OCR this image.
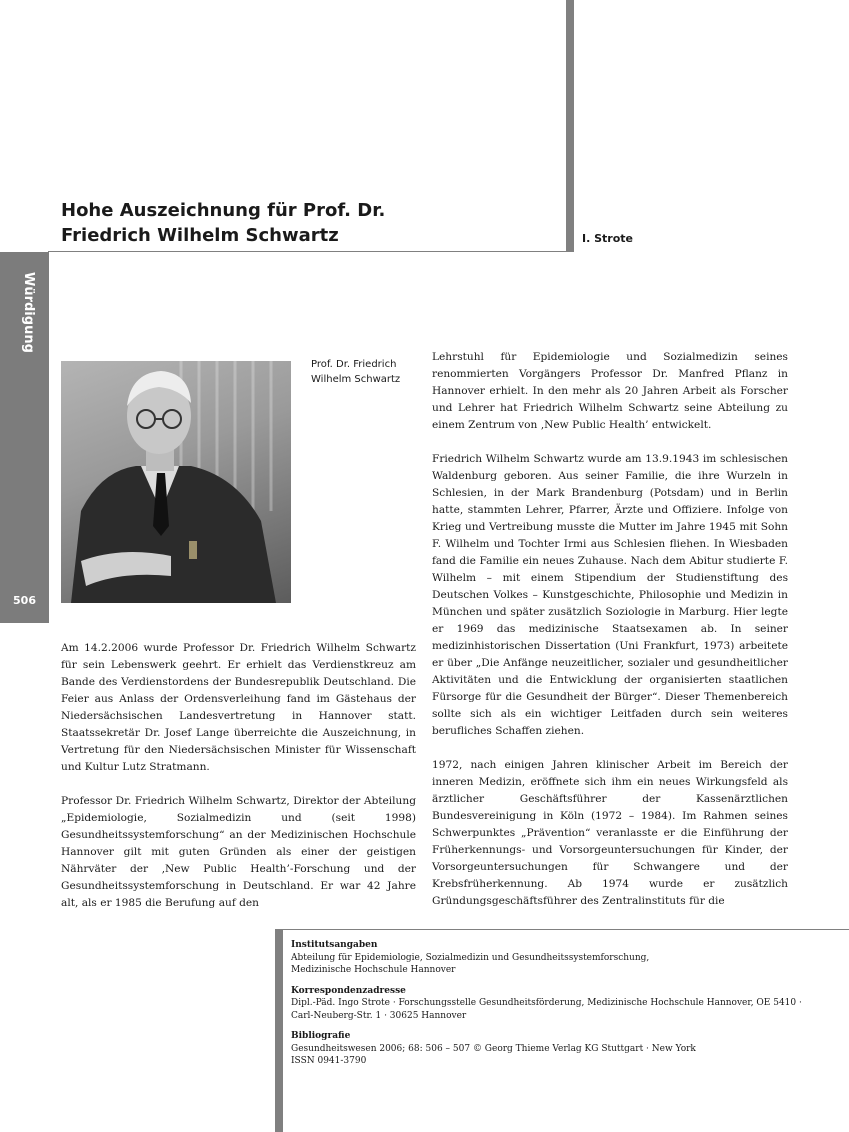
Hohe Auszeichnung für Prof. Dr.
Friedrich Wilhelm Schwartz	I. Strote
Würdigung
506
Prof. Dr. Friedrich
Wilhelm Schwartz

Am 14.2.2006 wurde Professor Dr. Friedrich Wilhelm Schwartz für sein Lebenswerk geehrt. Er erhielt das Verdienstkreuz am Bande des Verdienstordens der Bundesrepublik Deutschland. Die Feier aus Anlass der Ordensverleihung fand im Gästehaus der Niedersächsischen Landesvertretung in Hannover statt. Staatssekretär Dr. Josef Lange überreichte die Auszeichnung, in Vertretung für den Niedersächsischen Minister für Wissenschaft und Kultur Lutz Stratmann.

Professor Dr. Friedrich Wilhelm Schwartz, Direktor der Abteilung „Epidemiologie, Sozialmedizin und (seit 1998) Gesundheitssystemforschung“ an der Medizinischen Hochschule Hannover gilt mit guten Gründen als einer der geistigen Nährväter der ‚New Public Health’-Forschung und der Gesundheitssystemforschung in Deutschland. Er war 42 Jahre alt, als er 1985 die Berufung auf den

Lehrstuhl für Epidemiologie und Sozialmedizin seines renommierten Vorgängers Professor Dr. Manfred Pflanz in Hannover erhielt. In den mehr als 20 Jahren Arbeit als Forscher und Lehrer hat Friedrich Wilhelm Schwartz seine Abteilung zu einem Zentrum von ‚New Public Health’ entwickelt.

Friedrich Wilhelm Schwartz wurde am 13.9.1943 im schlesischen Waldenburg geboren. Aus seiner Familie, die ihre Wurzeln in Schlesien, in der Mark Brandenburg (Potsdam) und in Berlin hatte, stammten Lehrer, Pfarrer, Ärzte und Offiziere. Infolge von Krieg und Vertreibung musste die Mutter im Jahre 1945 mit Sohn F. Wilhelm und Tochter Irmi aus Schlesien fliehen. In Wiesbaden fand die Familie ein neues Zuhause. Nach dem Abitur studierte F. Wilhelm – mit einem Stipendium der Studienstiftung des Deutschen Volkes – Kunstgeschichte, Philosophie und Medizin in München und später zusätzlich Soziologie in Marburg. Hier legte er 1969 das medizinische Staatsexamen ab. In seiner medizinhistorischen Dissertation (Uni Frankfurt, 1973) arbeitete er über „Die Anfänge neuzeitlicher, sozialer und gesundheitlicher Aktivitäten und die Entwicklung der organisierten staatlichen Fürsorge für die Gesundheit der Bürger“. Dieser Themenbereich sollte sich als ein wichtiger Leitfaden durch sein weiteres berufliches Schaffen ziehen.

1972, nach einigen Jahren klinischer Arbeit im Bereich der inneren Medizin, eröffnete sich ihm ein neues Wirkungsfeld als ärztlicher Geschäftsführer der Kassenärztlichen Bundesvereinigung in Köln (1972 – 1984). Im Rahmen seines Schwerpunktes „Prävention“ veranlasste er die Einführung der Früherkennungs- und Vorsorgeuntersuchungen für Kinder, der Vorsorgeuntersuchungen für Schwangere und der Krebsfrüherkennung. Ab 1974 wurde er zusätzlich Gründungsgeschäftsführer des Zentralinstituts für die

Institutsangaben
Abteilung für Epidemiologie, Sozialmedizin und Gesundheitssystemforschung,
Medizinische Hochschule Hannover
Korrespondenzadresse
Dipl.-Päd. Ingo Strote · Forschungsstelle Gesundheitsförderung, Medizinische Hochschule Hannover, OE 5410 ·
Carl-Neuberg-Str. 1 · 30625 Hannover
Bibliografie
Gesundheitswesen 2006; 68: 506 – 507 © Georg Thieme Verlag KG Stuttgart · New York
ISSN 0941-3790
